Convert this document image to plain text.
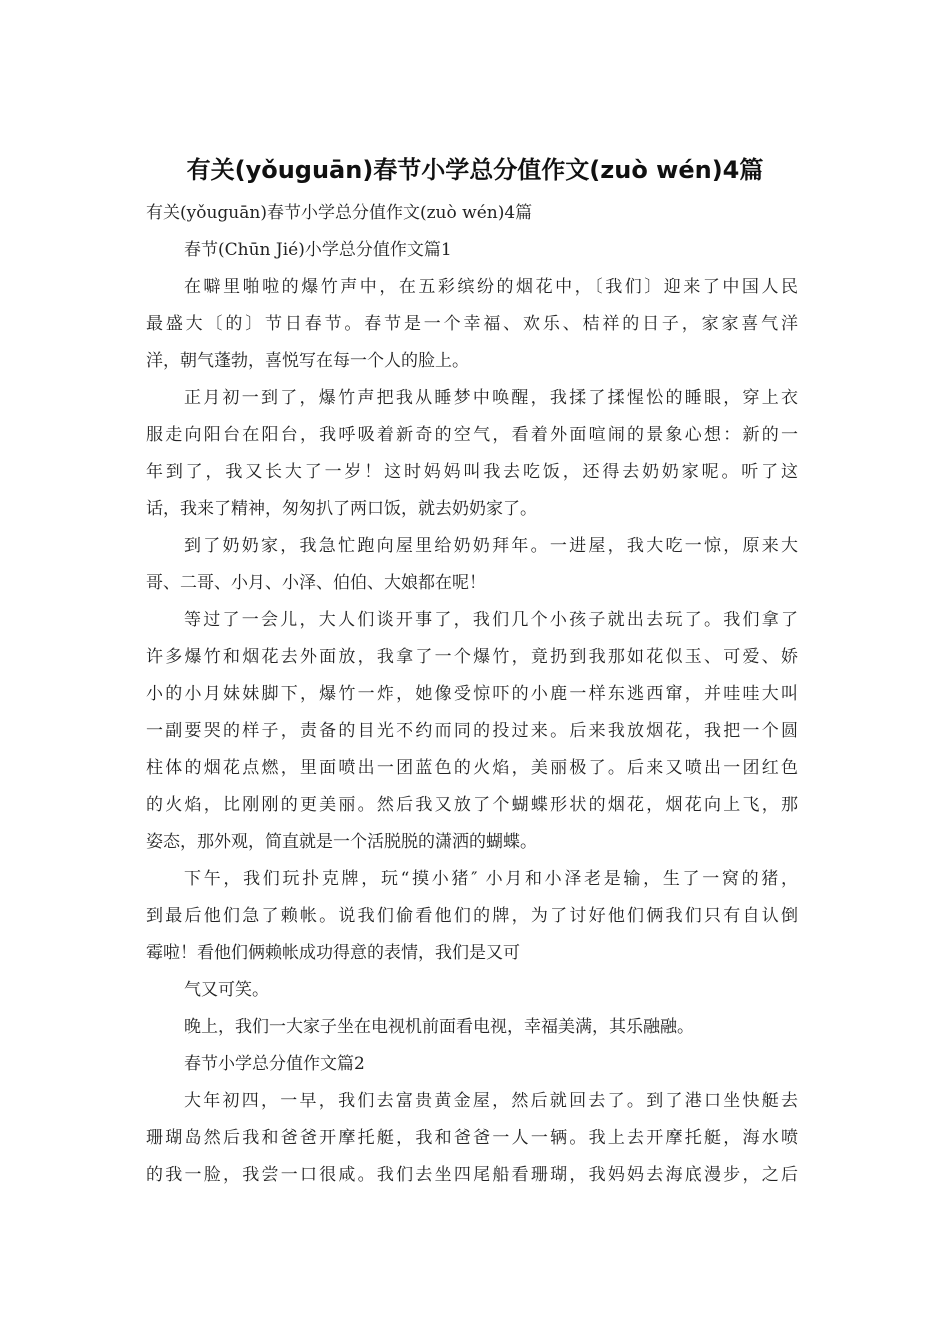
有关(yǒuguān)春节小学总分值作文(zuò wén)4篇
有关(yǒuguān)春节小学总分值作文(zuò wén)4篇
春节(Chūn Jié)小学总分值作文篇1
在噼里啪啦的爆竹声中，在五彩缤纷的烟花中，〔我们〕迎来了中国人民
最盛大〔的〕节日春节。春节是一个幸福、欢乐、桔祥的日子，家家喜气洋
洋，朝气蓬勃，喜悦写在每一个人的脸上。
正月初一到了，爆竹声把我从睡梦中唤醒，我揉了揉惺忪的睡眼，穿上衣
服走向阳台在阳台，我呼吸着新奇的空气，看着外面喧闹的景象心想：新的一
年到了，我又长大了一岁！这时妈妈叫我去吃饭，还得去奶奶家呢。听了这
话，我来了精神，匆匆扒了两口饭，就去奶奶家了。
到了奶奶家，我急忙跑向屋里给奶奶拜年。一进屋，我大吃一惊，原来大
哥、二哥、小月、小泽、伯伯、大娘都在呢！
等过了一会儿，大人们谈开事了，我们几个小孩子就出去玩了。我们拿了
许多爆竹和烟花去外面放，我拿了一个爆竹，竟扔到我那如花似玉、可爱、娇
小的小月妹妹脚下，爆竹一炸，她像受惊吓的小鹿一样东逃西窜，并哇哇大叫
一副要哭的样子，责备的目光不约而同的投过来。后来我放烟花，我把一个圆
柱体的烟花点燃，里面喷出一团蓝色的火焰，美丽极了。后来又喷出一团红色
的火焰，比刚刚的更美丽。然后我又放了个蝴蝶形状的烟花，烟花向上飞，那
姿态，那外观，简直就是一个活脱脱的潇洒的蝴蝶。
下午，我们玩扑克牌，玩“摸小猪″ 小月和小泽老是输，生了一窝的猪，
到最后他们急了赖帐。说我们偷看他们的牌，为了讨好他们俩我们只有自认倒
霉啦！看他们俩赖帐成功得意的表情，我们是又可
气又可笑。
晚上，我们一大家子坐在电视机前面看电视，幸福美满，其乐融融。
春节小学总分值作文篇2
大年初四，一早，我们去富贵黄金屋，然后就回去了。到了港口坐快艇去
珊瑚岛然后我和爸爸开摩托艇，我和爸爸一人一辆。我上去开摩托艇，海水喷
的我一脸，我尝一口很咸。我们去坐四尾船看珊瑚，我妈妈去海底漫步，之后
